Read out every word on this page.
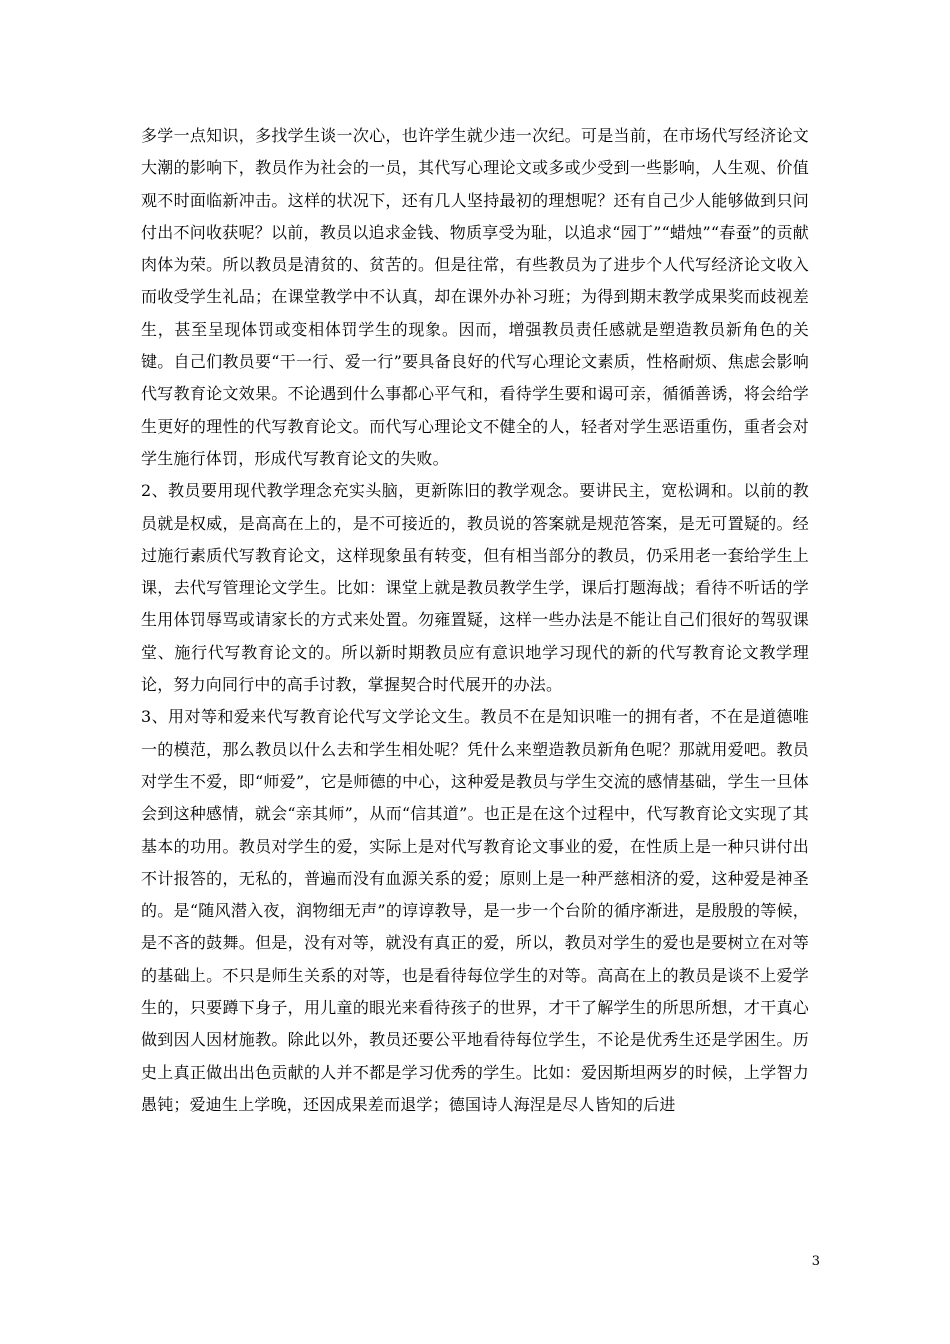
多学一点知识，多找学生谈一次心，也许学生就少违一次纪。可是当前，在市场代写经济论文大潮的影响下，教员作为社会的一员，其代写心理论文或多或少受到一些影响，人生观、价值观不时面临新冲击。这样的状况下，还有几人坚持最初的理想呢？还有自己少人能够做到只问付出不问收获呢？以前，教员以追求金钱、物质享受为耻，以追求“园丁”“蜡烛”“春蚕”的贡献肉体为荣。所以教员是清贫的、贫苦的。但是往常，有些教员为了进步个人代写经济论文收入而收受学生礼品；在课堂教学中不认真，却在课外办补习班；为得到期末教学成果奖而歧视差生，甚至呈现体罚或变相体罚学生的现象。因而，增强教员责任感就是塑造教员新角色的关键。自己们教员要“干一行、爱一行”要具备良好的代写心理论文素质，性格耐烦、焦虑会影响代写教育论文效果。不论遇到什么事都心平气和，看待学生要和谒可亲，循循善诱，将会给学生更好的理性的代写教育论文。而代写心理论文不健全的人，轻者对学生恶语重伤，重者会对学生施行体罚，形成代写教育论文的失败。

2、教员要用现代教学理念充实头脑，更新陈旧的教学观念。要讲民主，宽松调和。以前的教员就是权威，是高高在上的，是不可接近的，教员说的答案就是规范答案，是无可置疑的。经过施行素质代写教育论文，这样现象虽有转变，但有相当部分的教员，仍采用老一套给学生上课，去代写管理论文学生。比如：课堂上就是教员教学生学，课后打题海战；看待不听话的学生用体罚辱骂或请家长的方式来处置。勿雍置疑，这样一些办法是不能让自己们很好的驾驭课堂、施行代写教育论文的。所以新时期教员应有意识地学习现代的新的代写教育论文教学理论，努力向同行中的高手讨教，掌握契合时代展开的办法。

3、用对等和爱来代写教育论代写文学论文生。教员不在是知识唯一的拥有者，不在是道德唯一的模范，那么教员以什么去和学生相处呢？凭什么来塑造教员新角色呢？那就用爱吧。教员对学生不爱，即“师爱”，它是师德的中心，这种爱是教员与学生交流的感情基础，学生一旦体会到这种感情，就会“亲其师”，从而“信其道”。也正是在这个过程中，代写教育论文实现了其基本的功用。教员对学生的爱，实际上是对代写教育论文事业的爱，在性质上是一种只讲付出不计报答的，无私的，普遍而没有血源关系的爱；原则上是一种严慈相济的爱，这种爱是神圣的。是“随风潜入夜，润物细无声”的谆谆教导，是一步一个台阶的循序渐进，是殷殷的等候，是不吝的鼓舞。但是，没有对等，就没有真正的爱，所以，教员对学生的爱也是要树立在对等的基础上。不只是师生关系的对等，也是看待每位学生的对等。高高在上的教员是谈不上爱学生的，只要蹲下身子，用儿童的眼光来看待孩子的世界，才干了解学生的所思所想，才干真心做到因人因材施教。除此以外，教员还要公平地看待每位学生，不论是优秀生还是学困生。历史上真正做出出色贡献的人并不都是学习优秀的学生。比如：爱因斯坦两岁的时候，上学智力愚钝；爱迪生上学晚，还因成果差而退学；德国诗人海涅是尽人皆知的后进

3
